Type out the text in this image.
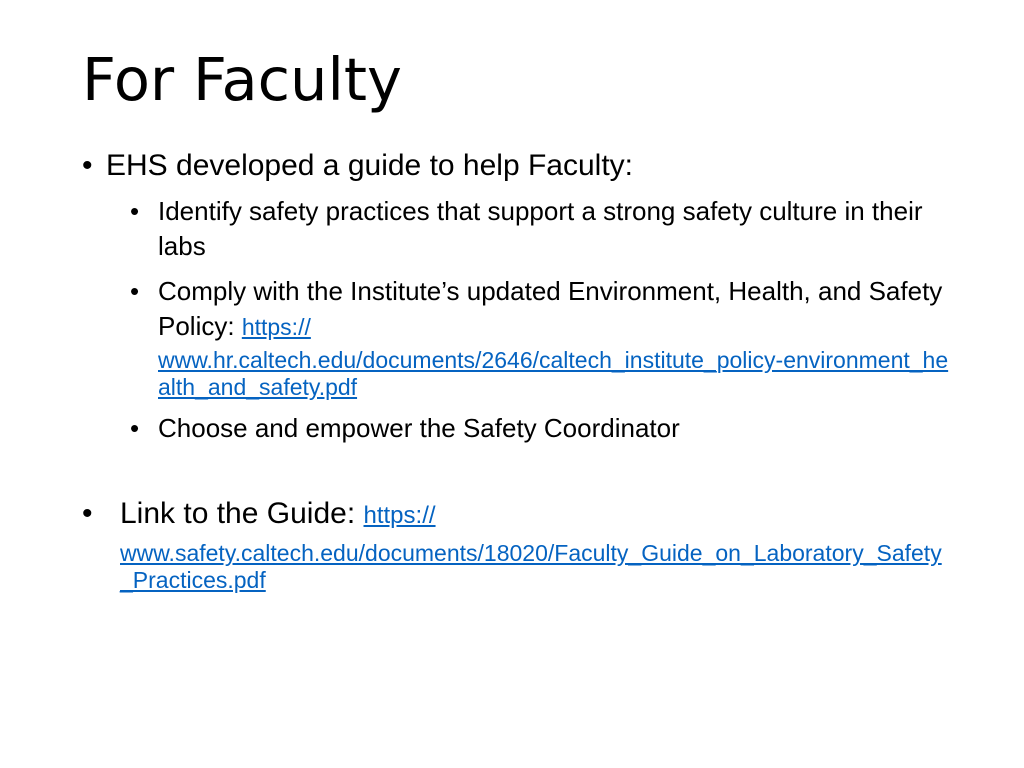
For Faculty
• EHS developed a guide to help Faculty:
• Identify safety practices that support a strong safety culture in their labs
• Comply with the Institute’s updated Environment, Health, and Safety Policy: https://
www.hr.caltech.edu/documents/2646/caltech_institute_policy-environment_health_and_safety.pdf
• Choose and empower the Safety Coordinator
• Link to the Guide: https://
www.safety.caltech.edu/documents/18020/Faculty_Guide_on_Laboratory_Safety_Practices.pdf
